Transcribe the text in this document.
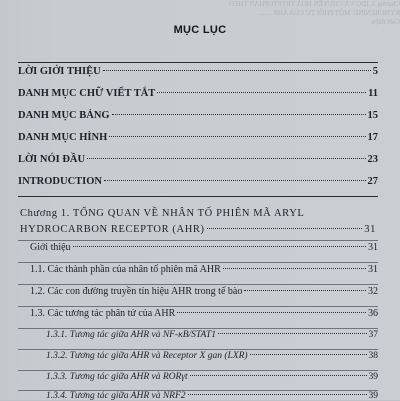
Chương 3. IDO VÀ CHUYỂN HOÁ TRYPTOPHAN THEO
KYNURENINE: MỘT PHỐI TỬ CỦA AHR .......
Giới thiệu
MỤC LỤC
LỜI GIỚI THIỆU	5
DANH MỤC CHỮ VIẾT TẮT	11
DANH MỤC BẢNG	15
DANH MỤC HÌNH	17
LỜI NÓI ĐẦU	23
INTRODUCTION	27
Chương 1. TỔNG QUAN VỀ NHÂN TỐ PHIÊN MÃ ARYL
HYDROCARBON RECEPTOR (AHR)	31
Giới thiệu	31
1.1. Các thành phần của nhân tố phiên mã AHR	31
1.2. Các con đường truyền tín hiệu AHR trong tế bào	32
1.3. Các tương tác phân tử của AHR	36
1.3.1. Tương tác giữa AHR và NF-κB/STAT1	37
1.3.2. Tương tác giữa AHR và Receptor X gan (LXR)	38
1.3.3. Tương tác giữa AHR và RORγt	39
1.3.4. Tương tác giữa AHR và NRF2	39
